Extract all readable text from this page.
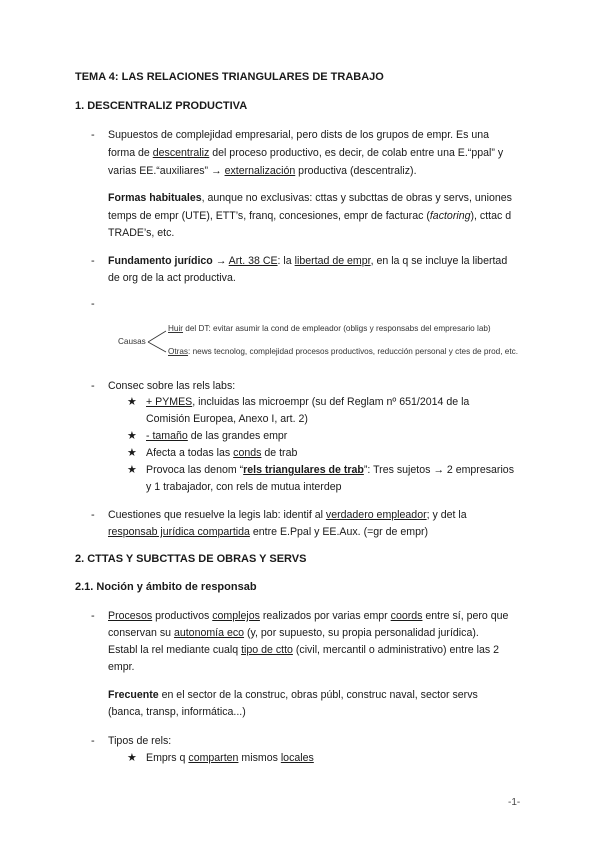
TEMA 4: LAS RELACIONES TRIANGULARES DE TRABAJO
1. DESCENTRALIZ PRODUCTIVA
- Supuestos de complejidad empresarial, pero dists de los grupos de empr. Es una
forma de descentraliz del proceso productivo, es decir, de colab entre una E.“ppal” y
varias EE.“auxiliares” → externalización productiva (descentraliz).
Formas habituales, aunque no exclusivas: cttas y subcttas de obras y servs, uniones
temps de empr (UTE), ETT’s, franq, concesiones, empr de facturac (factoring), cttac d
TRADE’s, etc.
- Fundamento jurídico → Art. 38 CE: la libertad de empr, en la q se incluye la libertad
de org de la act productiva.
-
Causas
Huir del DT: evitar asumir la cond de empleador (obligs y responsabs del empresario lab)
Otras: news tecnolog, complejidad procesos productivos, reducción personal y ctes de prod, etc.
- Consec sobre las rels labs:
★ + PYMES, incluidas las microempr (su def Reglam nº 651/2014 de la
Comisión Europea, Anexo I, art. 2)
★ - tamaño de las grandes empr
★ Afecta a todas las conds de trab
★ Provoca las denom “rels triangulares de trab”: Tres sujetos → 2 empresarios
y 1 trabajador, con rels de mutua interdep
- Cuestiones que resuelve la legis lab: identif al verdadero empleador; y det la
responsab jurídica compartida entre E.Ppal y EE.Aux. (=gr de empr)
2. CTTAS Y SUBCTTAS DE OBRAS Y SERVS
2.1. Noción y ámbito de responsab
- Procesos productivos complejos realizados por varias empr coords entre sí, pero que
conservan su autonomía eco (y, por supuesto, su propia personalidad jurídica).
Establ la rel mediante cualq tipo de ctto (civil, mercantil o administrativo) entre las 2
empr.
Frecuente en el sector de la construc, obras públ, construc naval, sector servs
(banca, transp, informática...)
- Tipos de rels:
★ Emprs q comparten mismos locales
-1-
